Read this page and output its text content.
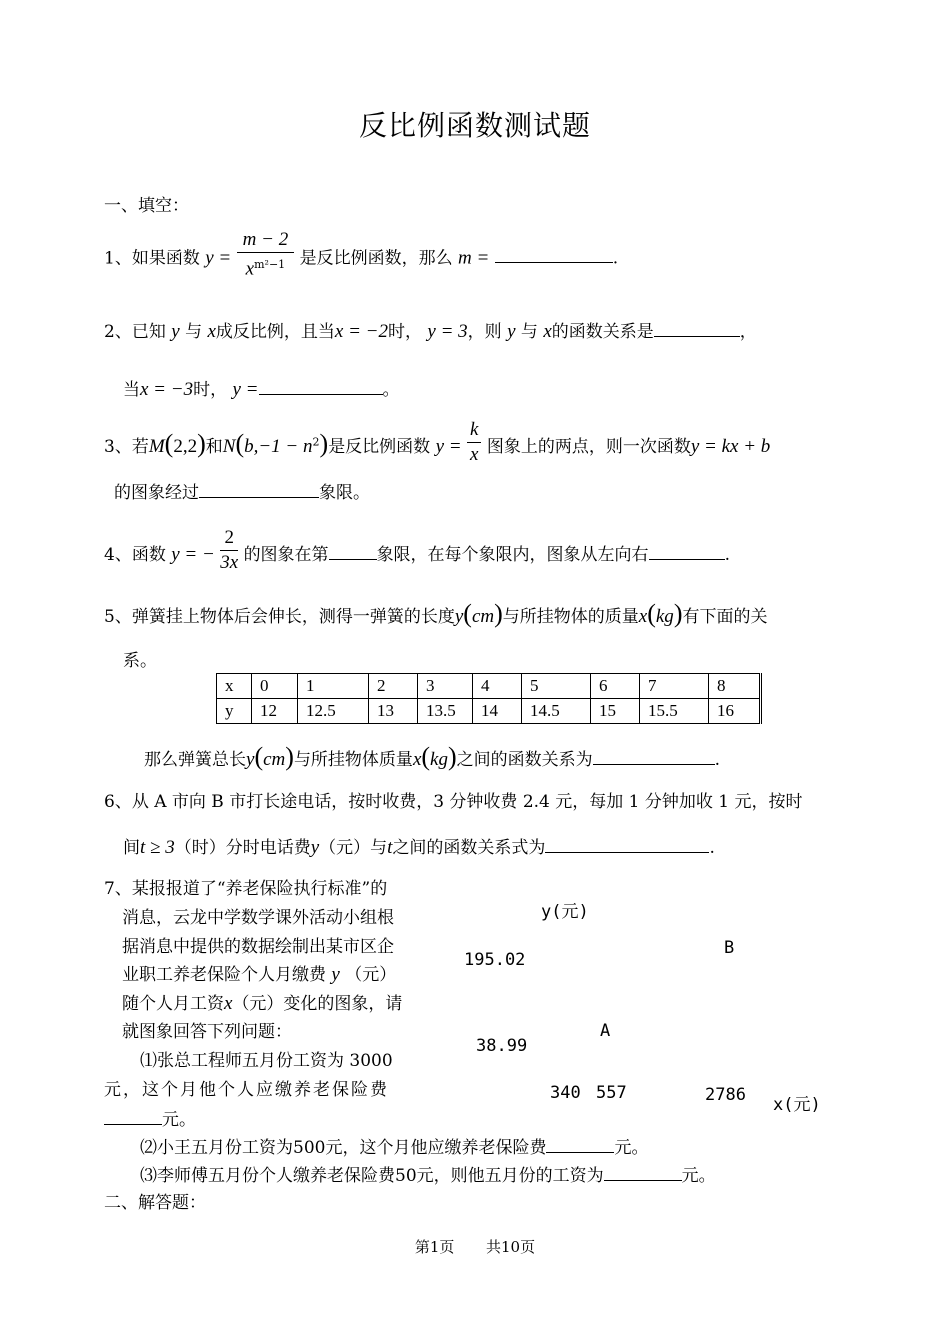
反比例函数测试题
一、填空：
1、如果函数 $y = \frac{m - 2}{x^{m^2-1}}$ 是反比例函数，那么 m =	.
2、已知 y 与 x成反比例，且当x = −2时， y = 3，则 y 与 x的函数关系是	，
当x = −3时， y =	。
3、若M(2,2)和$N(b,-1 - n^2)$是反比例函数 $y = \frac{k}{x}$ 图象上的两点，则一次函数y = kx + b
的图象经过	象限。
4、函数 y = − $\frac{2}{3x}$ 的图象在第	象限，在每个象限内，图象从左向右	.
5、弹簧挂上物体后会伸长，测得一弹簧的长度y(cm)与所挂物体的质量x(kg)有下面的关
系。
x	0	1	2	3	4	5	6	7	8
y	12	12.5	13	13.5	14	14.5	15	15.5	16
那么弹簧总长y(cm)与所挂物体质量x(kg)之间的函数关系为	.
6、从 A 市向 B 市打长途电话，按时收费，3 分钟收费 2.4 元，每加 1 分钟加收 1 元，按时
间t ≥ 3（时）分时电话费y（元）与t之间的函数关系式为	.
7、某报报道了“养老保险执行标准”的
消息，云龙中学数学课外活动小组根
据消息中提供的数据绘制出某市区企
业职工养老保险个人月缴费 y （元）
随个人月工资x（元）变化的图象，请
就图象回答下列问题：
⑴张总工程师五月份工资为 3000
元，这个月他个人应缴养老保险费
元。
⑵小王五月份工资为500元，这个月他应缴养老保险费	元。
⑶李师傅五月份个人缴养老保险费50元，则他五月份的工资为	元。
y(元)
195.02
B
A
38.99
340 557	2786 x(元)
二、解答题：
第1页 共10页
